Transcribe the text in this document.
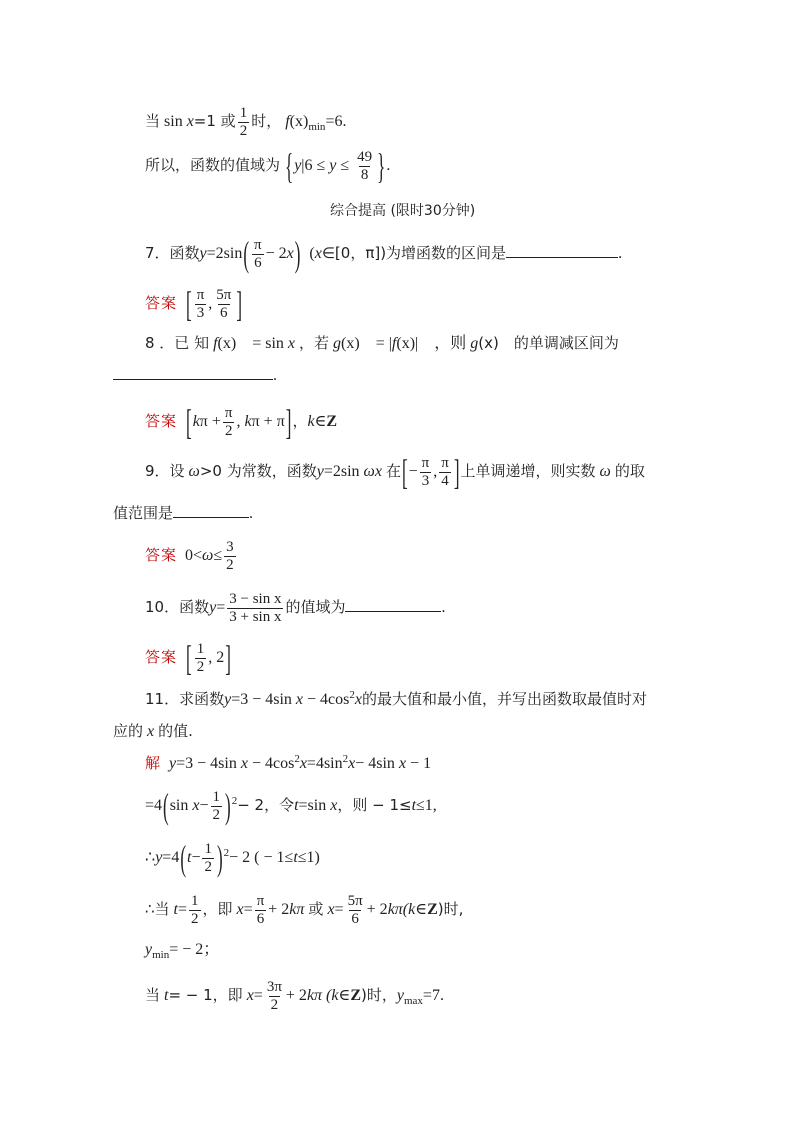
当 sin x=1 或 $\frac{1}{2}$ 时， $f(x)_{min}=6$.
所以，函数的值域为 {$y|6 \le y \le \frac{49}{8}$ }.
综合提高 (限时30分钟)
7．函数$y=2\sin( \frac{\pi}{6} - 2x)$ (x∈[0，π])为增函数的区间是	.
答案 [ $\frac{\pi}{3}$ , $\frac{5\pi}{6}$ ]
8 ．已 知 f(x)　= sin x ，若 g(x)　= |f(x)|　，则 g(x)　的单调减区间为
.
答案 [$k\pi + \frac{\pi}{2}$ , kπ + π]，k∈Z
9．设 ω>0 为常数，函数y=2sin ωx 在[− $\frac{\pi}{3}$ , $\frac{\pi}{4}$ ]上单调递增，则实数 ω 的取
值范围是	.
答案 $0<\omega\le \frac{3}{2}$
10．函数$y= \frac{\text{3 − sin x}}{\text{3 + sin x}}$ 的值域为	.
答案 [ $\frac{1}{2}$ , 2]
11．求函数y=3 − 4sin $x - 4\cos^2x$的最大值和最小值，并写出函数取最值时对
应的 x 的值.
解 y=3 − 4sin $x - 4\cos^2x=4\sin^2x- 4\sin$ x − 1
=4(sin $x- \frac{1}{2} )^2- 2$，令t=sin x，则 − 1≤t≤1,
∴y=4(t− $\frac{1}{2} )^2- 2$ ( − 1≤t≤1)
∴当 $t= \frac{1}{2}$ ，即 $x= \frac{\pi}{6} + 2k\pi$ 或 $x= \frac{5\pi}{6}$ + 2kπ(k∈Z)时,
$y_{min}= - 2$；
当 t= − 1，即 $x= \frac{3\pi}{2} + 2k\pi$ (k∈Z)时，$y_{max}=7$.
